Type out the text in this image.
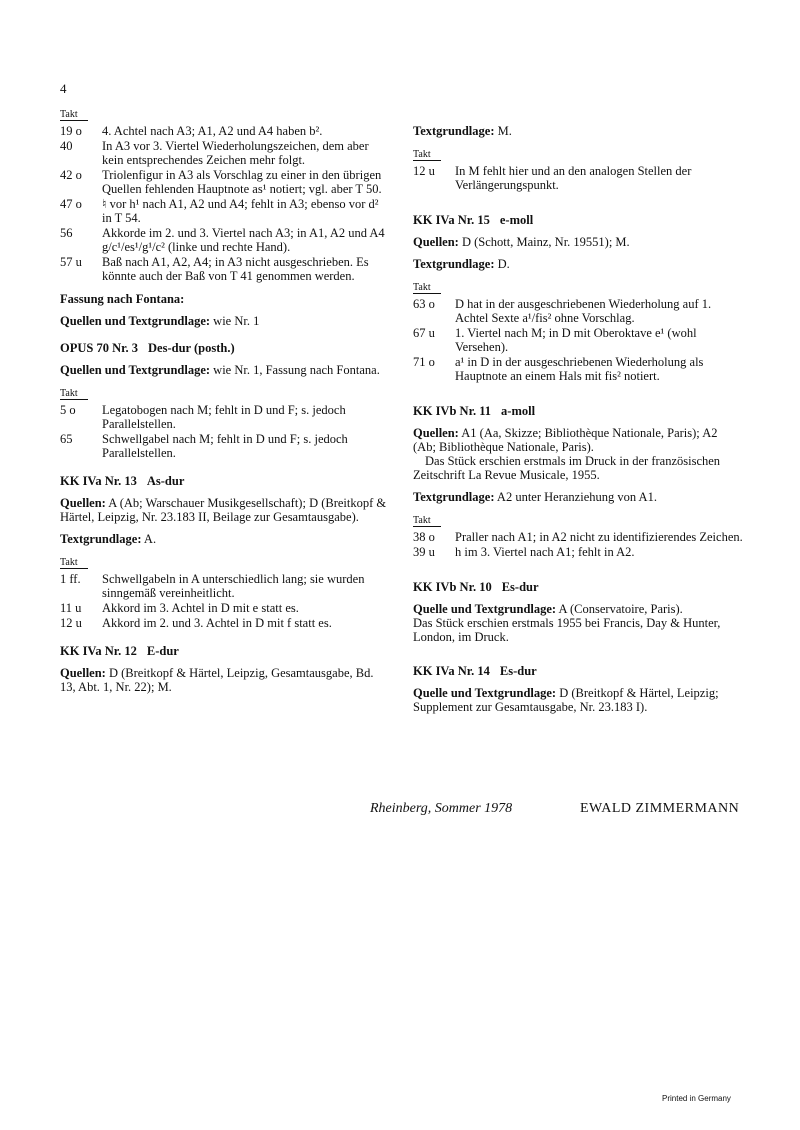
4
Takt
19 o	4. Achtel nach A3; A1, A2 und A4 haben b².
40	In A3 vor 3. Viertel Wiederholungszeichen, dem aber kein entsprechendes Zeichen mehr folgt.
42 o	Triolenfigur in A3 als Vorschlag zu einer in den übrigen Quellen fehlenden Hauptnote as¹ notiert; vgl. aber T 50.
47 o	♮ vor h¹ nach A1, A2 und A4; fehlt in A3; ebenso vor d² in T 54.
56	Akkorde im 2. und 3. Viertel nach A3; in A1, A2 und A4 g/c¹/es¹/g¹/c² (linke und rechte Hand).
57 u	Baß nach A1, A2, A4; in A3 nicht ausgeschrieben. Es könnte auch der Baß von T 41 genommen werden.

Fassung nach Fontana:

Quellen und Textgrundlage: wie Nr. 1

OPUS 70 Nr. 3 Des-dur (posth.)

Quellen und Textgrundlage: wie Nr. 1, Fassung nach Fontana.

Takt
5 o	Legatobogen nach M; fehlt in D und F; s. jedoch Parallelstellen.
65	Schwellgabel nach M; fehlt in D und F; s. jedoch Parallelstellen.

KK IVa Nr. 13 As-dur

Quellen: A (Ab; Warschauer Musikgesellschaft); D (Breitkopf & Härtel, Leipzig, Nr. 23.183 II, Beilage zur Gesamtausgabe).

Textgrundlage: A.

Takt
1 ff.	Schwellgabeln in A unterschiedlich lang; sie wurden sinngemäß vereinheitlicht.
11 u	Akkord im 3. Achtel in D mit e statt es.
12 u	Akkord im 2. und 3. Achtel in D mit f statt es.

KK IVa Nr. 12 E-dur

Quellen: D (Breitkopf & Härtel, Leipzig, Gesamtausgabe, Bd. 13, Abt. 1, Nr. 22); M.

Textgrundlage: M.

Takt
12 u	In M fehlt hier und an den analogen Stellen der Verlängerungspunkt.

KK IVa Nr. 15 e-moll

Quellen: D (Schott, Mainz, Nr. 19551); M.

Textgrundlage: D.

Takt
63 o	D hat in der ausgeschriebenen Wiederholung auf 1. Achtel Sexte a¹/fis² ohne Vorschlag.
67 u	1. Viertel nach M; in D mit Oberoktave e¹ (wohl Versehen).
71 o	a¹ in D in der ausgeschriebenen Wiederholung als Hauptnote an einem Hals mit fis² notiert.

KK IVb Nr. 11 a-moll

Quellen: A1 (Aa, Skizze; Bibliothèque Nationale, Paris); A2 (Ab; Bibliothèque Nationale, Paris).

Das Stück erschien erstmals im Druck in der französischen Zeitschrift La Revue Musicale, 1955.

Textgrundlage: A2 unter Heranziehung von A1.

Takt
38 o	Praller nach A1; in A2 nicht zu identifizierendes Zeichen.
39 u	h im 3. Viertel nach A1; fehlt in A2.

KK IVb Nr. 10 Es-dur

Quelle und Textgrundlage: A (Conservatoire, Paris).

Das Stück erschien erstmals 1955 bei Francis, Day & Hunter, London, im Druck.

KK IVa Nr. 14 Es-dur

Quelle und Textgrundlage: D (Breitkopf & Härtel, Leipzig; Supplement zur Gesamtausgabe, Nr. 23.183 I).

Rheinberg, Sommer 1978	EWALD ZIMMERMANN
Printed in Germany
